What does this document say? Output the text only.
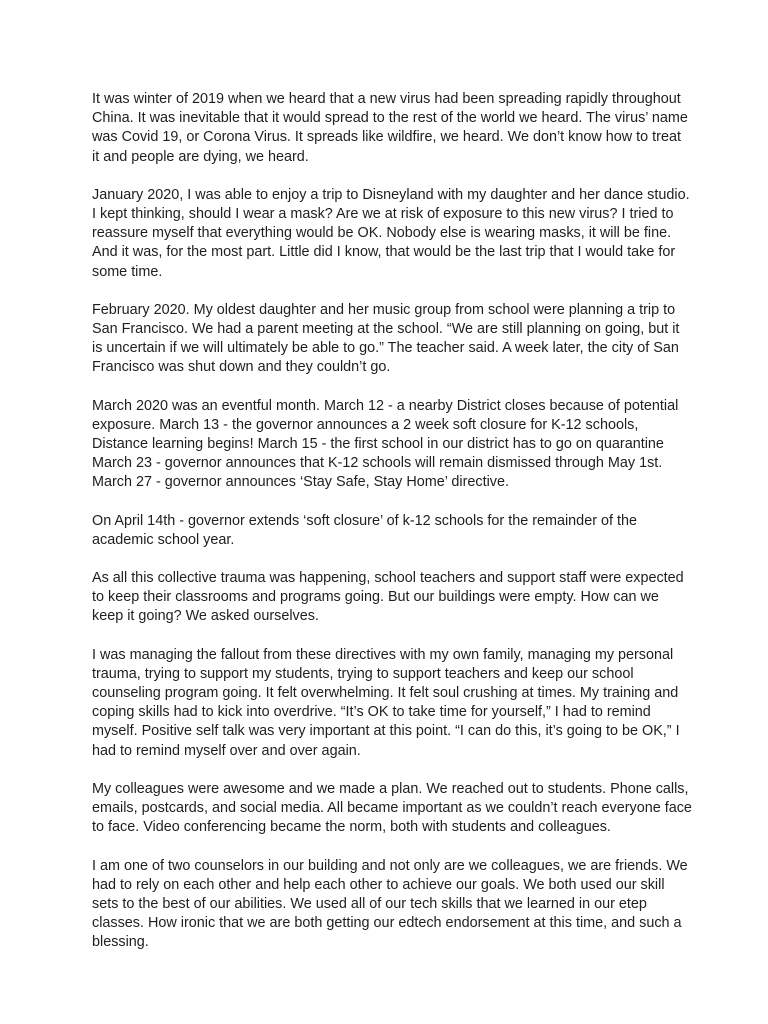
It was winter of 2019 when we heard that a new virus had been spreading rapidly throughout China. It was inevitable that it would spread to the rest of the world we heard. The virus’ name was Covid 19, or Corona Virus. It spreads like wildfire, we heard. We don’t know how to treat it and people are dying, we heard.

January 2020, I was able to enjoy a trip to Disneyland with my daughter and her dance studio. I kept thinking, should I wear a mask? Are we at risk of exposure to this new virus? I tried to reassure myself that everything would be OK. Nobody else is wearing masks, it will be fine. And it was, for the most part. Little did I know, that would be the last trip that I would take for some time.

February 2020. My oldest daughter and her music group from school were planning a trip to San Francisco. We had a parent meeting at the school. “We are still planning on going, but it is uncertain if we will ultimately be able to go.” The teacher said. A week later, the city of San Francisco was shut down and they couldn’t go.

March 2020 was an eventful month. March 12 - a nearby District closes because of potential exposure. March 13 - the governor announces a 2 week soft closure for K-12 schools, Distance learning begins! March 15 - the first school in our district has to go on quarantine March 23 - governor announces that K-12 schools will remain dismissed through May 1st. March 27 - governor announces ‘Stay Safe, Stay Home’ directive.

On April 14th - governor extends ‘soft closure’ of k-12 schools for the remainder of the academic school year.

As all this collective trauma was happening, school teachers and support staff were expected to keep their classrooms and programs going. But our buildings were empty. How can we keep it going? We asked ourselves.

I was managing the fallout from these directives with my own family, managing my personal trauma, trying to support my students, trying to support teachers and keep our school counseling program going. It felt overwhelming. It felt soul crushing at times. My training and coping skills had to kick into overdrive. “It’s OK to take time for yourself,” I had to remind myself. Positive self talk was very important at this point. “I can do this, it’s going to be OK,” I had to remind myself over and over again.

My colleagues were awesome and we made a plan. We reached out to students. Phone calls, emails, postcards, and social media. All became important as we couldn’t reach everyone face to face. Video conferencing became the norm, both with students and colleagues.

I am one of two counselors in our building and not only are we colleagues, we are friends. We had to rely on each other and help each other to achieve our goals. We both used our skill sets to the best of our abilities. We used all of our tech skills that we learned in our etep classes. How ironic that we are both getting our edtech endorsement at this time, and such a blessing.
